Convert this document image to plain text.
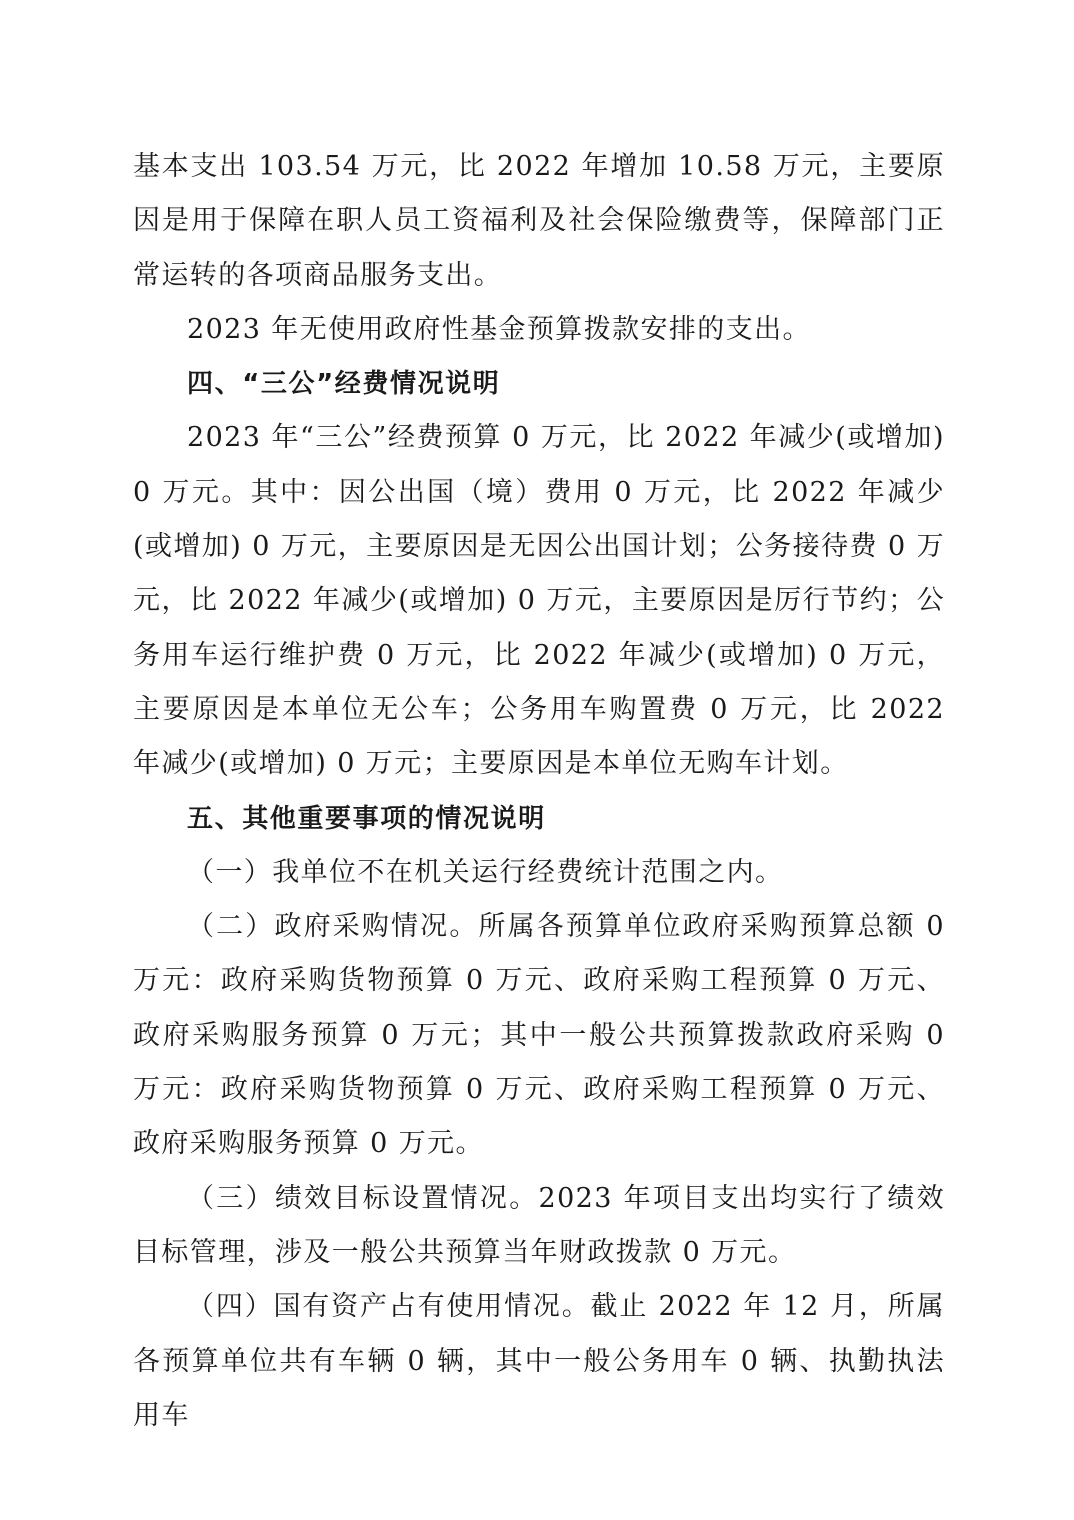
基本支出 103.54 万元，比 2022 年增加 10.58 万元，主要原因是用于保障在职人员工资福利及社会保险缴费等，保障部门正常运转的各项商品服务支出。

2023 年无使用政府性基金预算拨款安排的支出。

四、“三公”经费情况说明

2023 年“三公”经费预算 0 万元，比 2022 年减少(或增加) 0 万元。其中：因公出国（境）费用 0 万元，比 2022 年减少(或增加) 0 万元，主要原因是无因公出国计划；公务接待费 0 万元，比 2022 年减少(或增加) 0 万元，主要原因是厉行节约；公务用车运行维护费 0 万元，比 2022 年减少(或增加) 0 万元，主要原因是本单位无公车；公务用车购置费 0 万元，比 2022 年减少(或增加) 0 万元；主要原因是本单位无购车计划。

五、其他重要事项的情况说明

（一）我单位不在机关运行经费统计范围之内。

（二）政府采购情况。所属各预算单位政府采购预算总额 0 万元：政府采购货物预算 0 万元、政府采购工程预算 0 万元、政府采购服务预算 0 万元；其中一般公共预算拨款政府采购 0 万元：政府采购货物预算 0 万元、政府采购工程预算 0 万元、政府采购服务预算 0 万元。

（三）绩效目标设置情况。2023 年项目支出均实行了绩效目标管理，涉及一般公共预算当年财政拨款 0 万元。

（四）国有资产占有使用情况。截止 2022 年 12 月，所属各预算单位共有车辆 0 辆，其中一般公务用车 0 辆、执勤执法用车
